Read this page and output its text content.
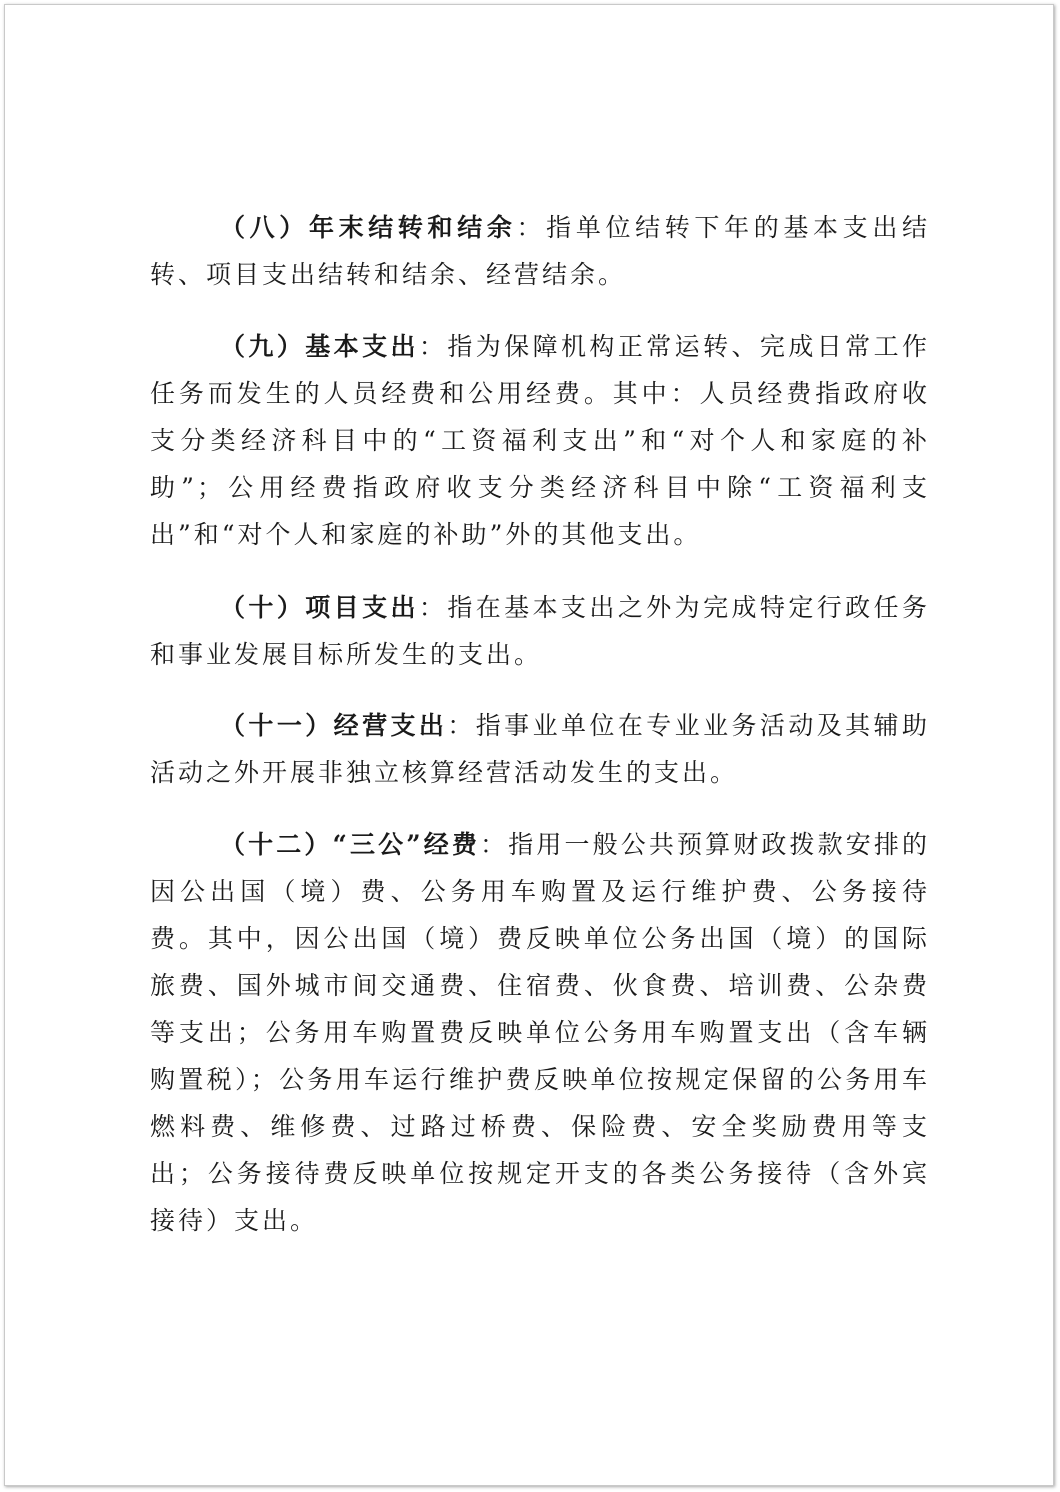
（八）年末结转和结余：指单位结转下年的基本支出结转、项目支出结转和结余、经营结余。

（九）基本支出：指为保障机构正常运转、完成日常工作任务而发生的人员经费和公用经费。其中：人员经费指政府收支分类经济科目中的“工资福利支出”和“对个人和家庭的补助”；公用经费指政府收支分类经济科目中除“工资福利支出”和“对个人和家庭的补助”外的其他支出。

（十）项目支出：指在基本支出之外为完成特定行政任务和事业发展目标所发生的支出。

（十一）经营支出：指事业单位在专业业务活动及其辅助活动之外开展非独立核算经营活动发生的支出。

（十二）“三公”经费：指用一般公共预算财政拨款安排的因公出国（境）费、公务用车购置及运行维护费、公务接待费。其中，因公出国（境）费反映单位公务出国（境）的国际旅费、国外城市间交通费、住宿费、伙食费、培训费、公杂费等支出；公务用车购置费反映单位公务用车购置支出（含车辆购置税）；公务用车运行维护费反映单位按规定保留的公务用车燃料费、维修费、过路过桥费、保险费、安全奖励费用等支出；公务接待费反映单位按规定开支的各类公务接待（含外宾接待）支出。
